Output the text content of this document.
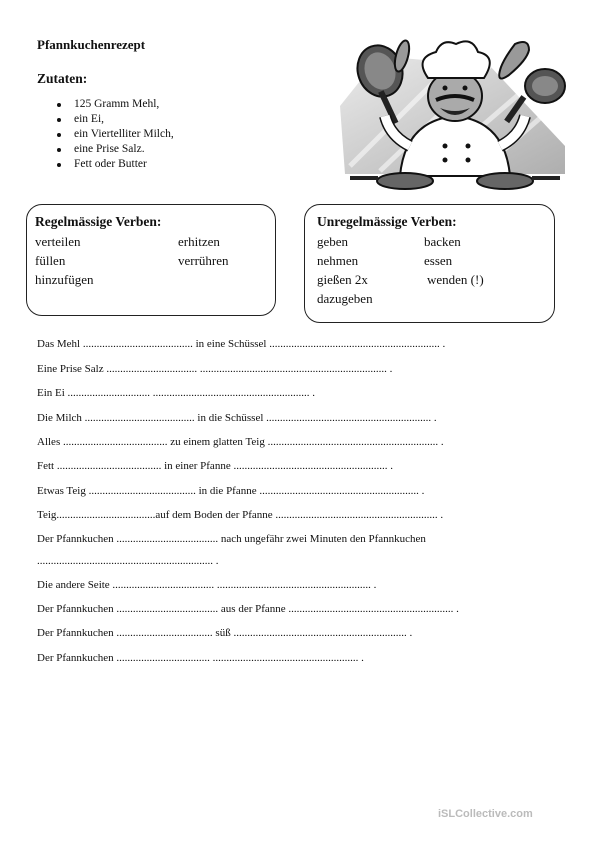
Pfannkuchenrezept
Zutaten:
125 Gramm Mehl,
ein Ei,
ein Viertelliter Milch,
eine Prise Salz.
Fett oder Butter
Regelmässige Verben:
verteilen	erhitzen
füllen	verrühren
hinzufügen
Unregelmässige Verben:
geben	backen
nehmen	essen
gießen 2x	wenden (!)
dazugeben
Das Mehl ........................................ in eine Schüssel .............................................................. .
Eine Prise Salz ................................. .................................................................... .
Ein Ei .............................. ......................................................... .
Die Milch ........................................ in die Schüssel ............................................................ .
Alles ...................................... zu einem glatten Teig .............................................................. .
Fett ...................................... in einer Pfanne ........................................................ .
Etwas Teig ....................................... in die Pfanne .......................................................... .
Teig....................................auf dem Boden der Pfanne ........................................................... .
Der Pfannkuchen ..................................... nach ungefähr zwei Minuten den Pfannkuchen
................................................................ .
Die andere Seite ..................................... ........................................................ .
Der Pfannkuchen ..................................... aus der Pfanne ............................................................ .
Der Pfannkuchen ................................... süß ............................................................... .
Der Pfannkuchen .................................. ..................................................... .
iSLCollective.com
